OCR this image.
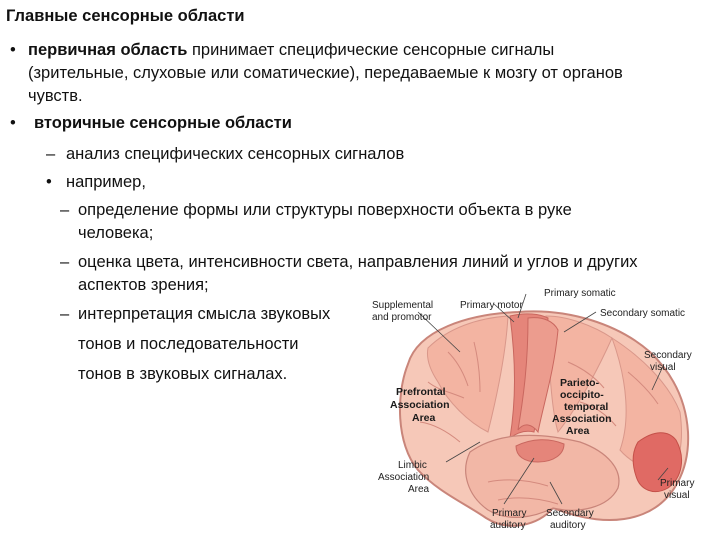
Главные сенсорные области
• первичная область принимает специфические сенсорные сигналы
(зрительные, слуховые или соматические), передаваемые к мозгу от органов
чувств.
• вторичные сенсорные области
– анализ специфических сенсорных сигналов
• например,
– определение формы или структуры поверхности объекта в руке
человека;
– оценка цвета, интенсивности света, направления линий и углов и других
аспектов зрения;
– интерпретация смысла звуковых
тонов и последовательности
тонов в звуковых сигналах.
Primary somatic
Supplemental
and promotor
Primary motor
Secondary somatic
Secondary
visual
Prefrontal
Association
Area
Parieto-
occipito-
temporal
Association
Area
Limbic
Association
Area
Primary
visual
Primary
auditory
Secondary
auditory
